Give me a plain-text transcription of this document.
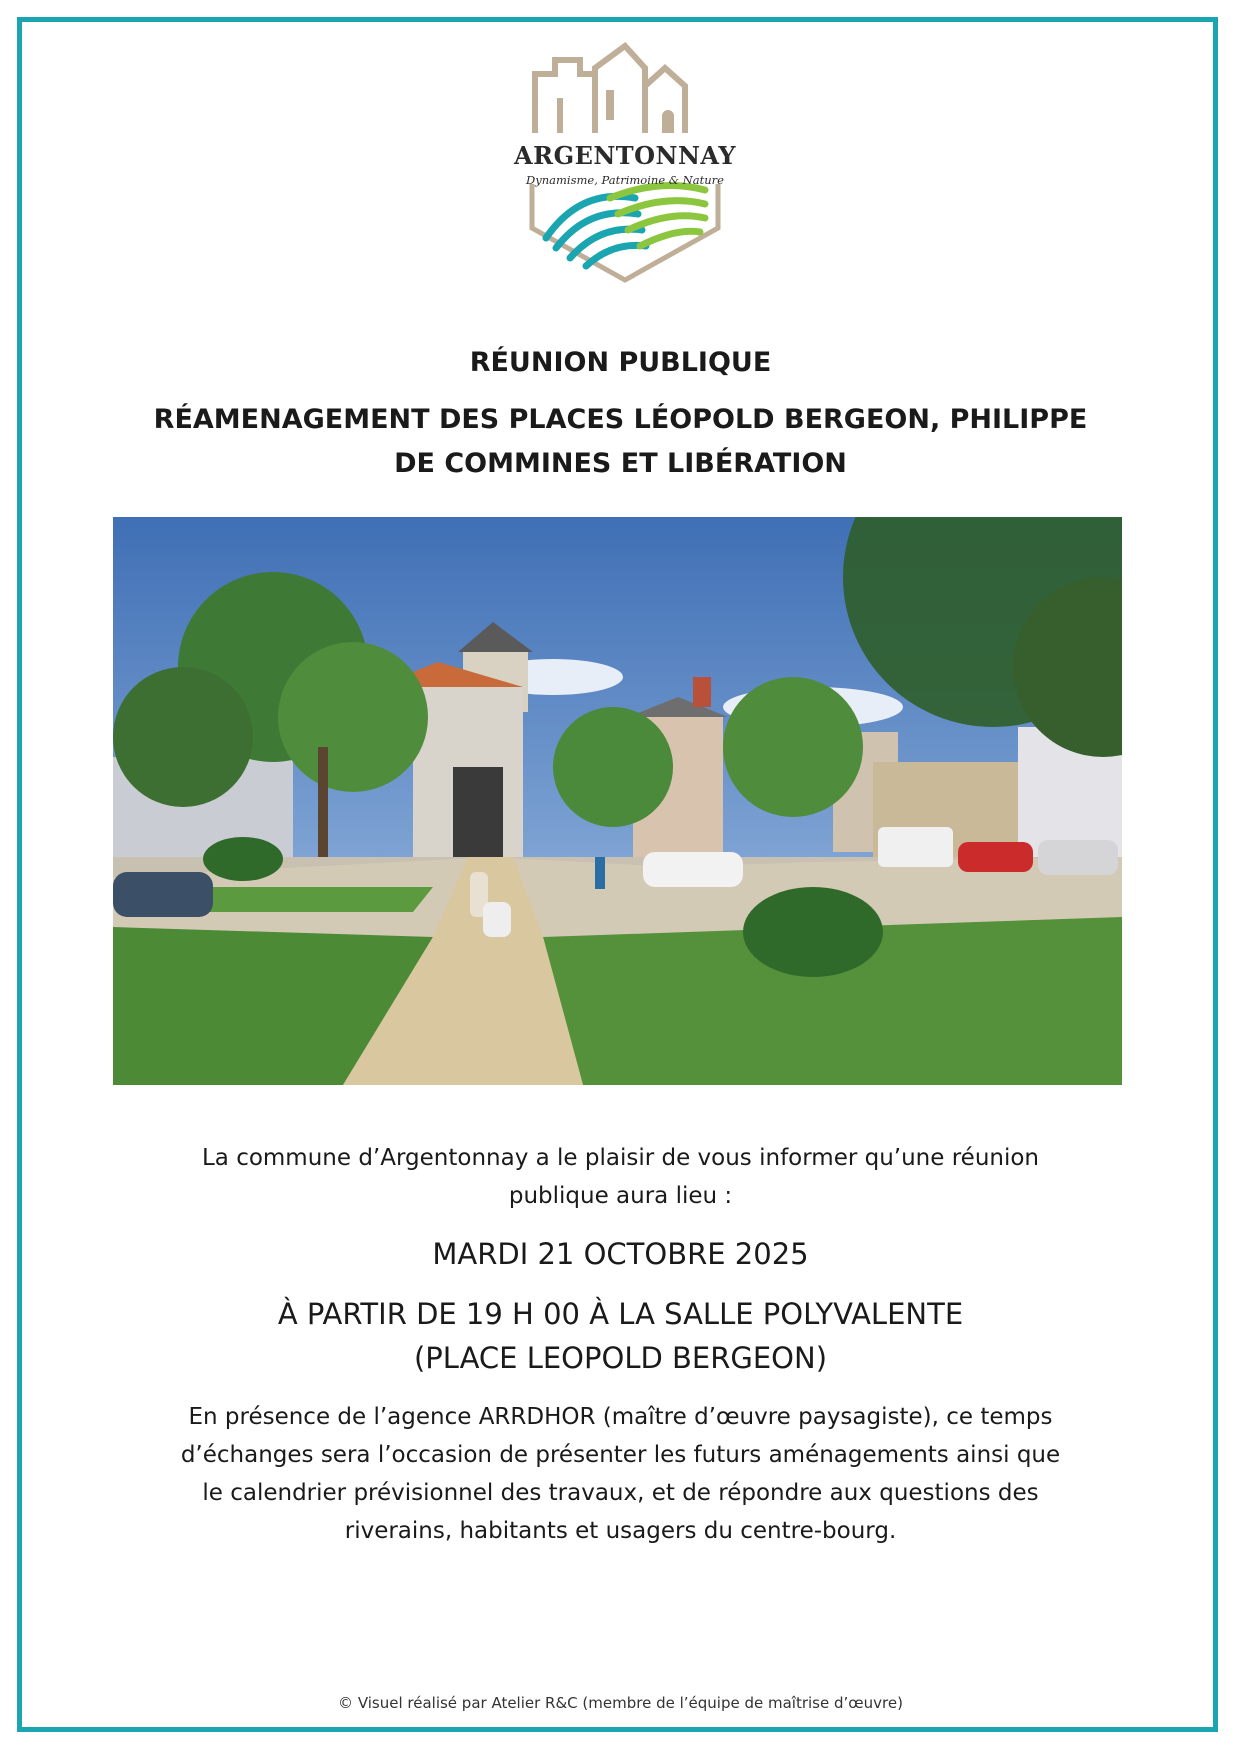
ARGENTONNAY
Dynamisme, Patrimoine & Nature
RÉUNION PUBLIQUE
RÉAMENAGEMENT DES PLACES LÉOPOLD BERGEON, PHILIPPE
DE COMMINES ET LIBÉRATION
La commune d’Argentonnay a le plaisir de vous informer qu’une réunion
publique aura lieu :
MARDI 21 OCTOBRE 2025
À PARTIR DE 19 H 00 À LA SALLE POLYVALENTE
(PLACE LEOPOLD BERGEON)
En présence de l’agence ARRDHOR (maître d’œuvre paysagiste), ce temps
d’échanges sera l’occasion de présenter les futurs aménagements ainsi que
le calendrier prévisionnel des travaux, et de répondre aux questions des
riverains, habitants et usagers du centre-bourg.
© Visuel réalisé par Atelier R&C (membre de l’équipe de maîtrise d’œuvre)
